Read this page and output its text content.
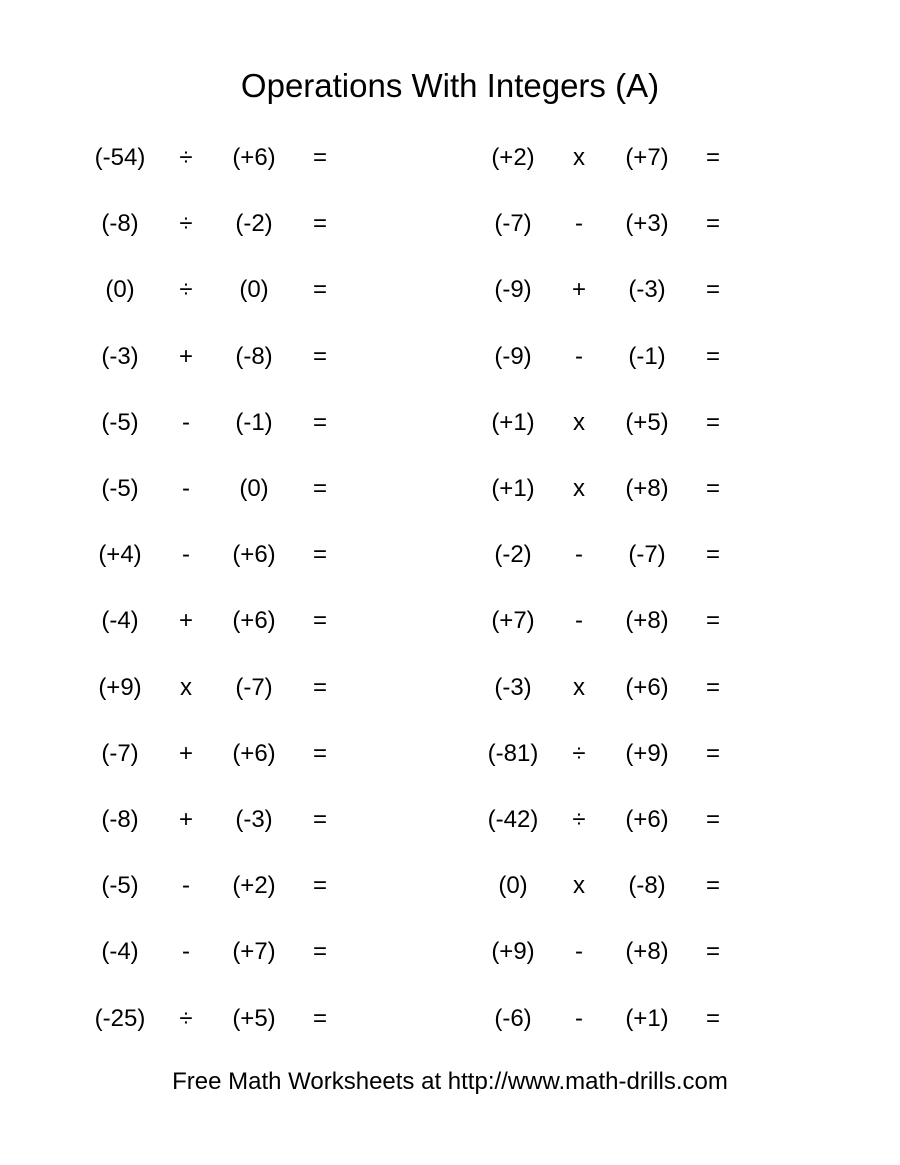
Operations With Integers (A)
(-54)	÷	(+6)	=
(-8)	÷	(-2)	=
(0)	÷	(0)	=
(-3)	+	(-8)	=
(-5)	-	(-1)	=
(-5)	-	(0)	=
(+4)	-	(+6)	=
(-4)	+	(+6)	=
(+9)	x	(-7)	=
(-7)	+	(+6)	=
(-8)	+	(-3)	=
(-5)	-	(+2)	=
(-4)	-	(+7)	=
(-25)	÷	(+5)	=
(+2)	x	(+7)	=
(-7)	-	(+3)	=
(-9)	+	(-3)	=
(-9)	-	(-1)	=
(+1)	x	(+5)	=
(+1)	x	(+8)	=
(-2)	-	(-7)	=
(+7)	-	(+8)	=
(-3)	x	(+6)	=
(-81)	÷	(+9)	=
(-42)	÷	(+6)	=
(0)	x	(-8)	=
(+9)	-	(+8)	=
(-6)	-	(+1)	=
Free Math Worksheets at http://www.math-drills.com
